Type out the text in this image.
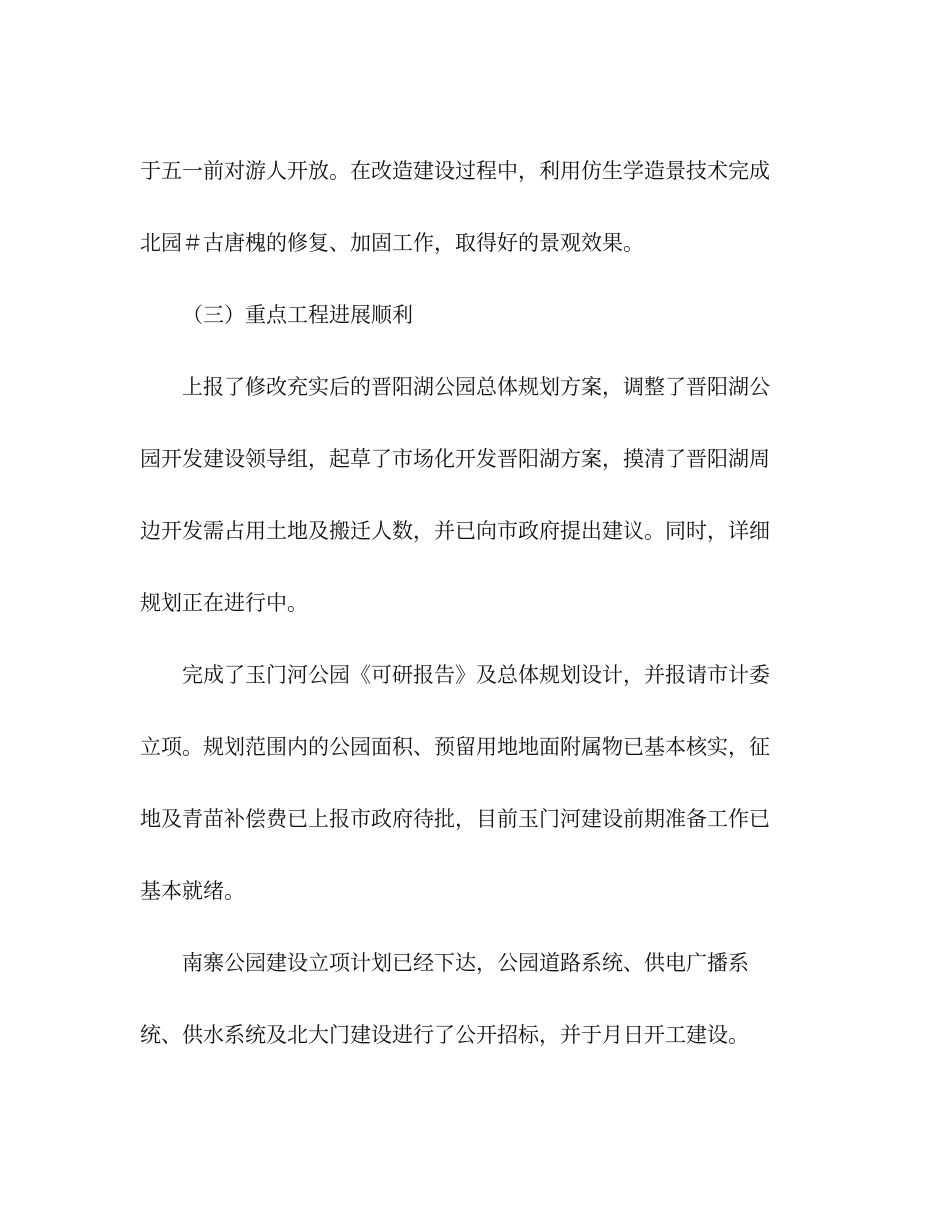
于五一前对游人开放。在改造建设过程中，利用仿生学造景技术完成
北园＃古唐槐的修复、加固工作，取得好的景观效果。
（三）重点工程进展顺利
上报了修改充实后的晋阳湖公园总体规划方案，调整了晋阳湖公
园开发建设领导组，起草了市场化开发晋阳湖方案，摸清了晋阳湖周
边开发需占用土地及搬迁人数，并已向市政府提出建议。同时，详细
规划正在进行中。
完成了玉门河公园《可研报告》及总体规划设计，并报请市计委
立项。规划范围内的公园面积、预留用地地面附属物已基本核实，征
地及青苗补偿费已上报市政府待批，目前玉门河建设前期准备工作已
基本就绪。
南寨公园建设立项计划已经下达，公园道路系统、供电广播系
统、供水系统及北大门建设进行了公开招标，并于月日开工建设。
